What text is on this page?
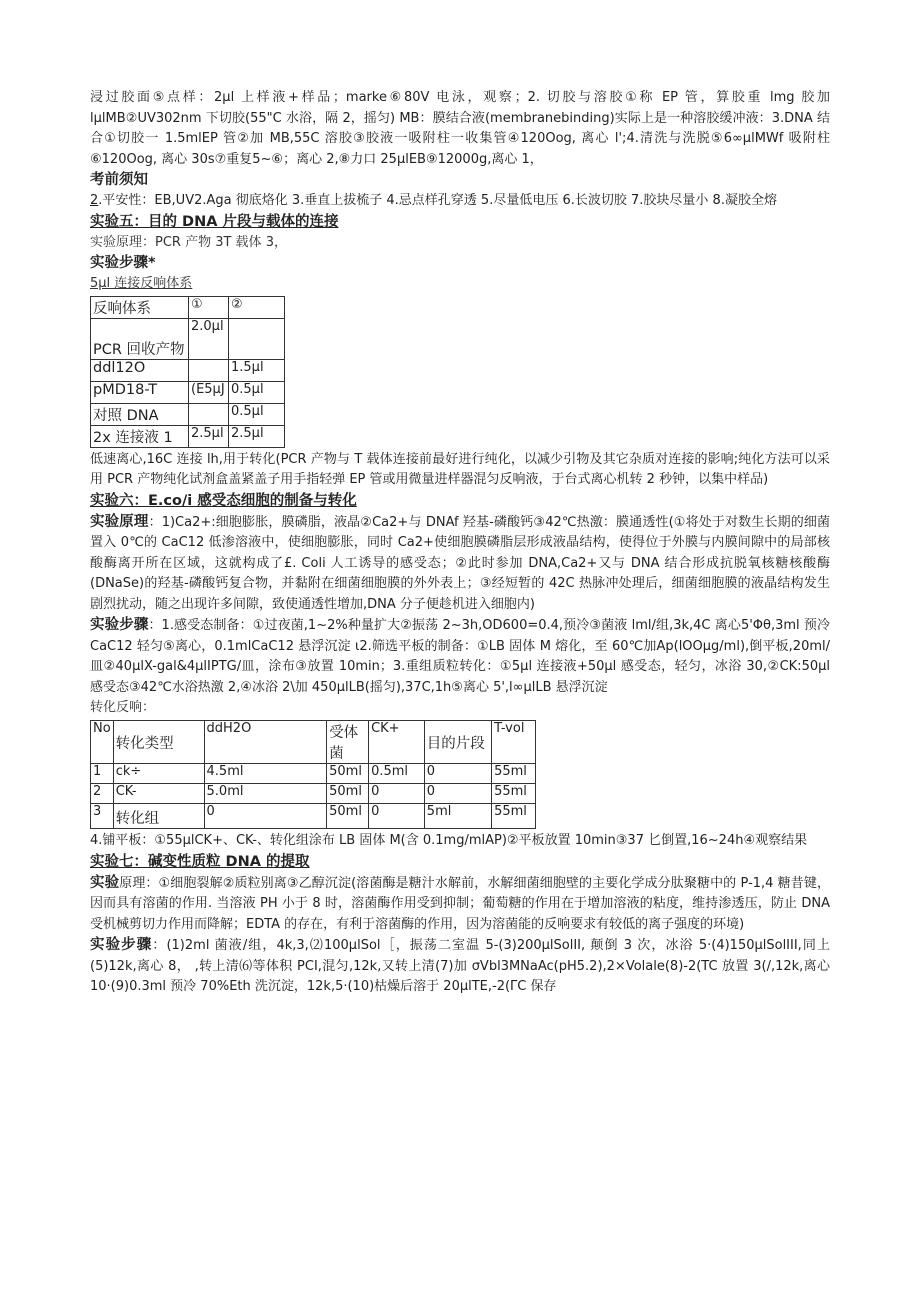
浸过胶面⑤点样：2μl 上样液+样品；marke⑥80V 电泳，观察；2. 切胶与溶胶①称 EP 管，算胶重 lmg 胶加lμlMB②UV302nm 下切胶(55"C 水浴，隔 2，摇匀) MB：膜结合液(membranebinding)实际上是一种溶胶缓冲液：3.DNA 结合①切胶一 1.5mlEP 管②加 MB,55C 溶胶③胶液一吸附柱一收集管④120Oog, 离心 l';4.清洗与洗脱⑤6∞μlMWf 吸附柱⑥120Oog, 离心 30s⑦重复5~⑥；离心 2,⑧力口 25μlEB⑨12000g,离心 1，

考前须知

2.平安性：EB,UV2.Aga 彻底烙化 3.垂直上拔梳子 4.忌点样孔穿透 5.尽量低电压 6.长波切胶 7.胶块尽量小 8.凝胶全熔

实验五：目的 DNA 片段与载体的连接

实验原理：PCR 产物 3T 载体 3，

实验步骤*

5μl 连接反响体系

反响体系	①	②
PCR 回收产物	2.0μl	
ddl12O		1.5μl
pMD18-T	(E5μJ	0.5μl
对照 DNA		0.5μl
2x 连接液 1	2.5μl	2.5μl

低速离心,16C 连接 lh,用于转化(PCR 产物与 T 载体连接前最好进行纯化，以减少引物及其它杂质对连接的影响;纯化方法可以采用 PCR 产物纯化试剂盒盖紧盖子用手指轻弹 EP 管或用微量进样器混匀反响液，于台式离心机转 2 秒钟，以集中样品)

实验六：E.co/i 感受态细胞的制备与转化

实验原理：1)Ca2+:细胞膨胀，膜磷脂，液晶②Ca2+与 DNAf 羟基-磷酸钙③42℃热激：膜通透性(①将处于对数生长期的细菌置入 0℃的 CaC12 低渗溶液中，使细胞膨胀，同时 Ca2+使细胞膜磷脂层形成液晶结构，使得位于外膜与内膜间隙中的局部核酸酶离开所在区域，这就构成了£. Coli 人工诱导的感受态；②此时参加 DNA,Ca2+又与 DNA 结合形成抗脱氧核糖核酸酶(DNaSe)的羟基-磷酸钙复合物，并黏附在细菌细胞膜的外外表上；③经短暂的 42C 热脉冲处理后，细菌细胞膜的液晶结构发生剧烈扰动，随之出现许多间隙，致使通透性增加,DNA 分子便趁机进入细胞内)

实验步骤：1.感受态制备：①过夜菌,1~2%种量扩大②振荡 2~3h,OD600=0.4,预冷③菌液 lml/组,3k,4C 离心5'Φθ,3ml 预冷 CaC12 轻匀⑤离心，0.1mlCaC12 悬浮沉淀 ι2.筛选平板的制备：①LB 固体 M 熔化，至 60℃加Ap(lOOμg/ml),倒平板,20ml/皿②40μlX-gal&4μlIPTG/皿，涂布③放置 10min；3.重组质粒转化：①5μl 连接液+50μl 感受态，轻匀，冰浴 30,②CK:50μl 感受态③42℃水浴热激 2,④冰浴 2\加 450μlLB(摇匀),37C,1h⑤离心 5',l∞μlLB 悬浮沉淀

转化反响：

No	转化类型	ddH2O	受体菌	CK+	目的片段	T-vol
1	ck÷	4.5ml	50ml	0.5ml	0	55ml
2	CK-	5.0ml	50ml	0	0	55ml
3	转化组	0	50ml	0	5ml	55ml

4.铺平板：①55μlCK+、CK-、转化组涂布 LB 固体 M(含 0.1mg/mlAP)②平板放置 10min③37 匕倒置,16~24h④观察结果

实验七：碱变性质粒 DNA 的提取

实验原理：①细胞裂解②质粒别离③乙醇沉淀(溶菌酶是糖汁水解前，水解细菌细胞壁的主要化学成分肽聚糖中的 P-1,4 糖昔键，因而具有溶菌的作用. 当溶液 PH 小于 8 时，溶菌酶作用受到抑制；葡萄糖的作用在于增加溶液的粘度，维持渗透压，防止 DNA 受机械剪切力作用而降解；EDTA 的存在，有利于溶菌酶的作用，因为溶菌能的反响要求有较低的离子强度的环境)

实验步骤：(1)2ml 菌液/组，4k,3,⑵100μlSol［，振荡二室温 5-(3)200μlSolII, 颠倒 3 次，冰浴 5·(4)150μlSolIII,同上(5)12k,离心 8， ,转上清⑹等体积 PCI,混匀,12k,又转上清(7)加 σVbl3MNaAc(pH5.2),2×Volale(8)-2(TC 放置 3(/,12k,离心 10·(9)0.3ml 预冷 70%Eth 洗沉淀，12k,5·(10)枯燥后溶于 20μlTE,-2(ΓC 保存
